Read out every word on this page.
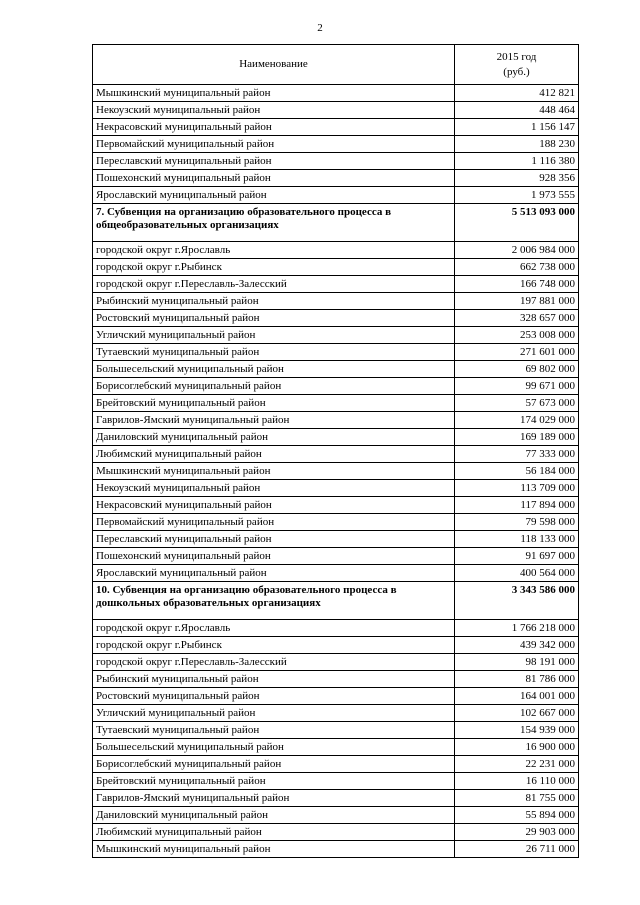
2
Наименование	2015 год
(руб.)

Мышкинский муниципальный район	412 821
Некоузский муниципальный район	448 464
Некрасовский муниципальный район	1 156 147
Первомайский муниципальный район	188 230
Переславский муниципальный район	1 116 380
Пошехонский муниципальный район	928 356
Ярославский муниципальный район	1 973 555
7. Субвенция на организацию образовательного процесса в общеобразовательных организациях	5 513 093 000
городской округ г.Ярославль	2 006 984 000
городской округ г.Рыбинск	662 738 000
городской округ г.Переславль-Залесский	166 748 000
Рыбинский муниципальный район	197 881 000
Ростовский муниципальный район	328 657 000
Угличский муниципальный район	253 008 000
Тутаевский муниципальный район	271 601 000
Большесельский муниципальный район	69 802 000
Борисоглебский муниципальный район	99 671 000
Брейтовский муниципальный район	57 673 000
Гаврилов-Ямский муниципальный район	174 029 000
Даниловский муниципальный район	169 189 000
Любимский муниципальный район	77 333 000
Мышкинский муниципальный район	56 184 000
Некоузский муниципальный район	113 709 000
Некрасовский муниципальный район	117 894 000
Первомайский муниципальный район	79 598 000
Переславский муниципальный район	118 133 000
Пошехонский муниципальный район	91 697 000
Ярославский муниципальный район	400 564 000
10. Субвенция на организацию образовательного процесса в дошкольных образовательных организациях	3 343 586 000
городской округ г.Ярославль	1 766 218 000
городской округ г.Рыбинск	439 342 000
городской округ г.Переславль-Залесский	98 191 000
Рыбинский муниципальный район	81 786 000
Ростовский муниципальный район	164 001 000
Угличский муниципальный район	102 667 000
Тутаевский муниципальный район	154 939 000
Большесельский муниципальный район	16 900 000
Борисоглебский муниципальный район	22 231 000
Брейтовский муниципальный район	16 110 000
Гаврилов-Ямский муниципальный район	81 755 000
Даниловский муниципальный район	55 894 000
Любимский муниципальный район	29 903 000
Мышкинский муниципальный район	26 711 000
